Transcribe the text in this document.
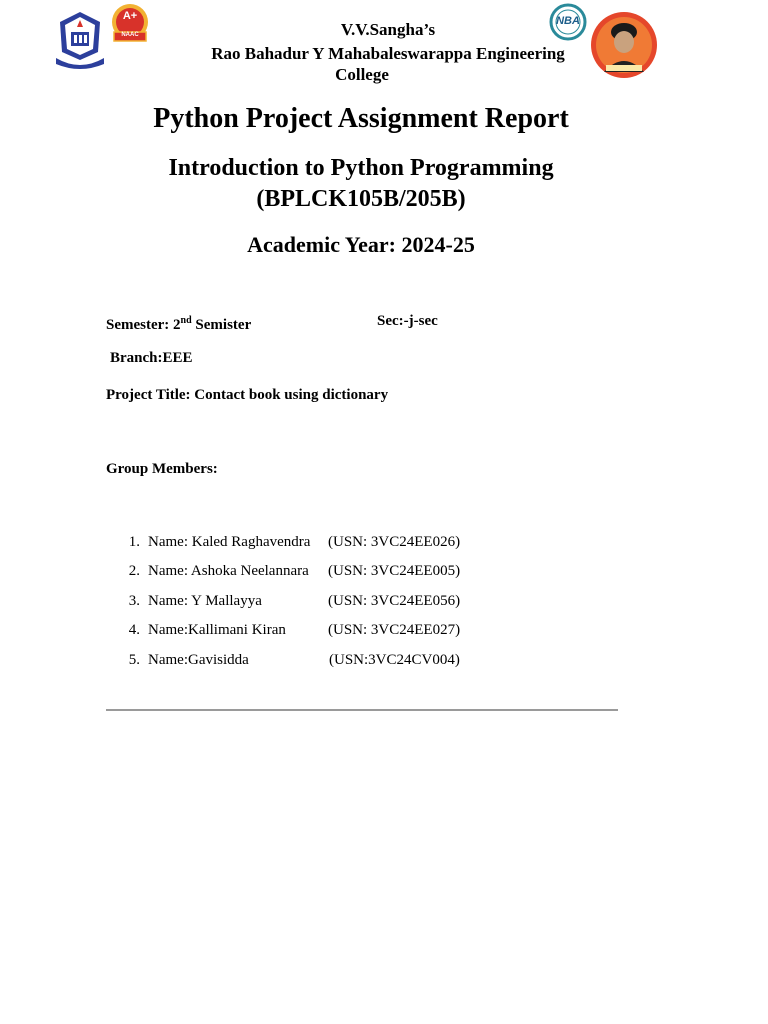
A+
NAAC
NBA
V.V.Sangha’s
Rao Bahadur Y Mahabaleswarappa Engineering
College
Python Project Assignment Report
Introduction to Python Programming
(BPLCK105B/205B)
Academic Year: 2024-25
Semester: 2nd Semister	Sec:-j-sec
Branch:EEE
Project Title: Contact book using dictionary
Group Members:
1. Name: Kaled Raghavendra (USN: 3VC24EE026)
2. Name: Ashoka Neelannara (USN: 3VC24EE005)
3. Name: Y Mallayya	(USN: 3VC24EE056)
4. Name:Kallimani Kiran	(USN: 3VC24EE027)
5. Name:Gavisidda	(USN:3VC24CV004)
